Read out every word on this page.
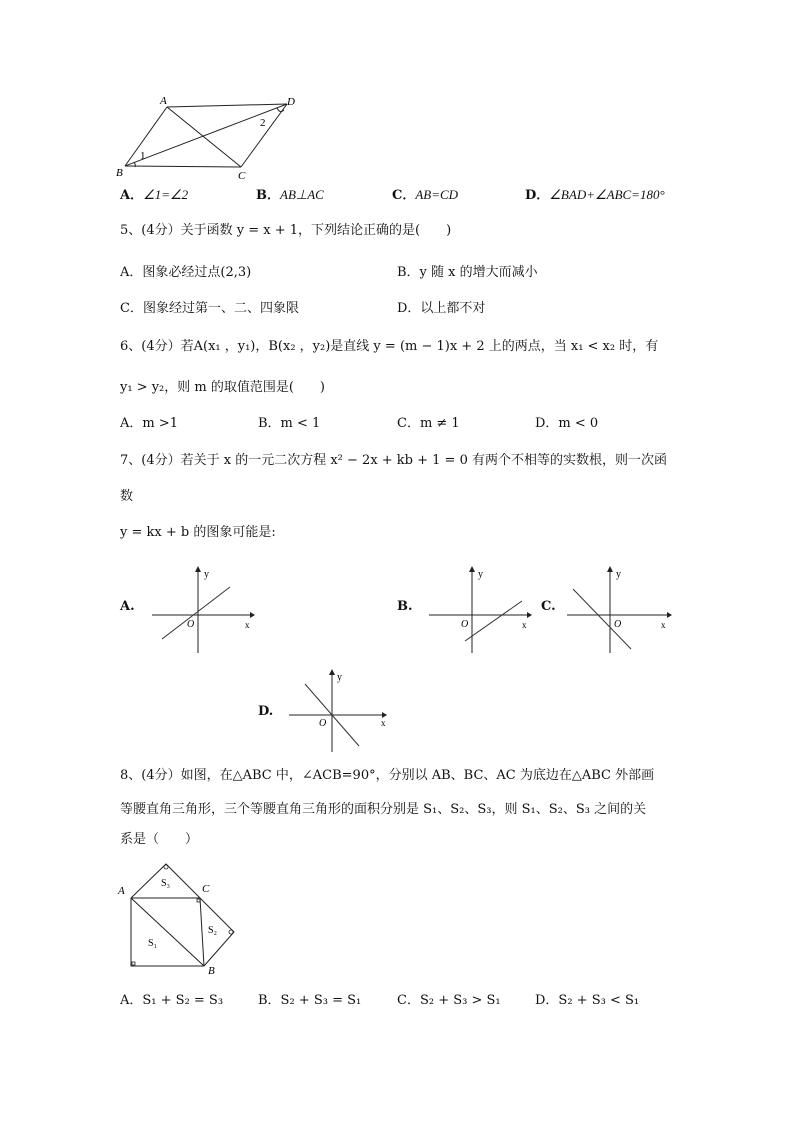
A	D
B	C
1
2
A．∠1=∠2	B．AB⊥AC	C．AB=CD	D．∠BAD+∠ABC=180°
5、(4分）关于函数 y = x + 1，下列结论正确的是(　　)
A．图象必经过点(2,3)	B．y 随 x 的增大而减小
C．图象经过第一、二、四象限	D．以上都不对
6、(4分）若A(x₁ ，y₁)，B(x₂ ，y₂)是直线 y = (m − 1)x + 2 上的两点，当 x₁ < x₂ 时，有
y₁ > y₂，则 m 的取值范围是(　　)
A．m >1	B．m < 1	C．m ≠ 1	D．m < 0
7、(4分）若关于 x 的一元二次方程 x² − 2x + kb + 1 = 0 有两个不相等的实数根，则一次函
数
y = kx + b 的图象可能是:
A.
y
x
O
B.
y
x
O
C.
y
x
O
D.
y
x
O
8、(4分）如图，在△ABC 中，∠ACB=90°，分别以 AB、BC、AC 为底边在△ABC 外部画
等腰直角三角形，三个等腰直角三角形的面积分别是 S₁、S₂、S₃，则 S₁、S₂、S₃ 之间的关
系是（　　）
A	C
B
S₁
S₂
S₃
A．S₁ + S₂ = S₃	B．S₂ + S₃ = S₁	C．S₂ + S₃ > S₁	D．S₂ + S₃ < S₁
